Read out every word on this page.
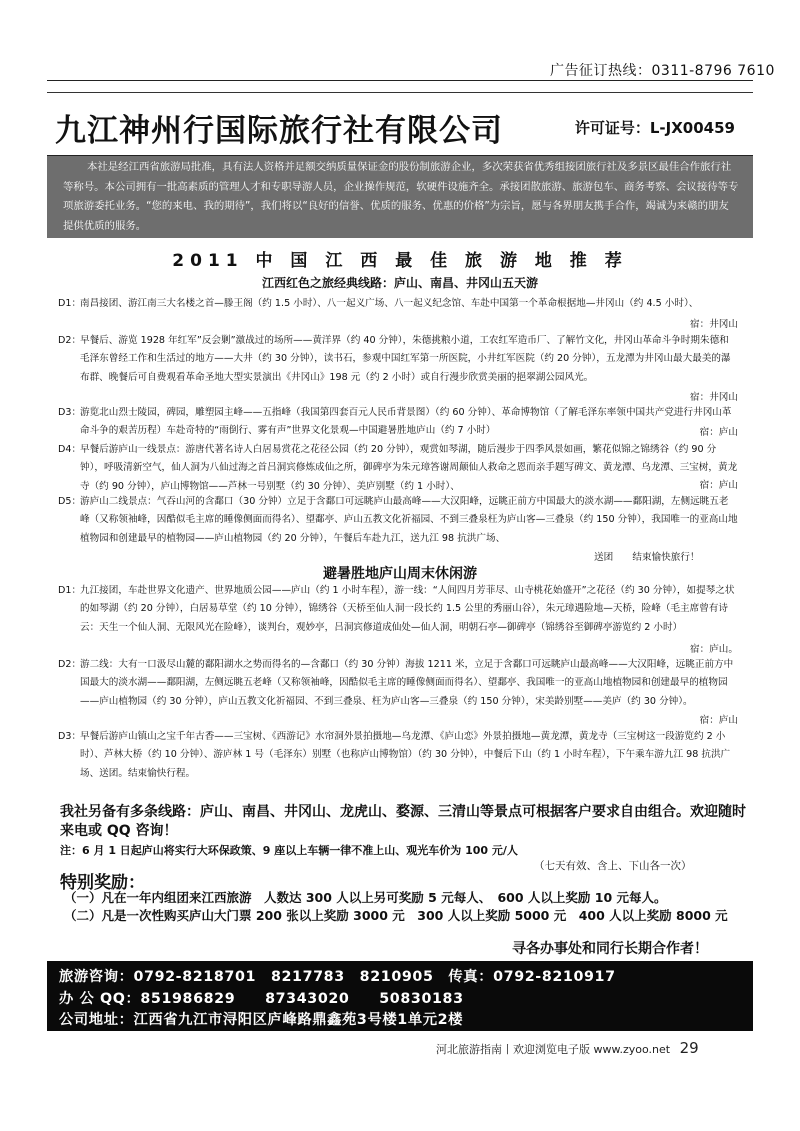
广告征订热线：0311-8796 7610
九江神州行国际旅行社有限公司	许可证号：L-JX00459
本社是经江西省旅游局批准，具有法人资格并足额交纳质量保证金的股份制旅游企业，多次荣获省优秀组接团旅行社及多景区最佳合作旅行社等称号。本公司拥有一批高素质的管理人才和专职导游人员，企业操作规范，软硬件设施齐全。承接团散旅游、旅游包车、商务考察、会议接待等专项旅游委托业务。“您的来电、我的期待”，我们将以“良好的信誉、优质的服务、优惠的价格”为宗旨，愿与各界朋友携手合作，竭诚为来赣的朋友提供优质的服务。
2011 中 国 江 西 最 佳 旅 游 地 推 荐
江西红色之旅经典线路：庐山、南昌、井冈山五天游
D1：
南昌接团、游江南三大名楼之首—滕王阁（约 1.5 小时）、八一起义广场、八一起义纪念馆、车赴中国第一个革命根据地—井冈山（约 4.5 小时）、
宿：井冈山
D2：
早餐后、游览 1928 年红军”反会剿”激战过的场所——黄洋界（约 40 分钟），朱德挑粮小道，工农红军造币厂、了解竹文化，井冈山革命斗争时期朱德和毛泽东曾经工作和生活过的地方——大井（约 30 分钟），读书石，参观中国红军第一所医院，小井红军医院（约 20 分钟），五龙潭为井冈山最大最美的瀑布群、晚餐后可自费观看革命圣地大型实景演出《井冈山》198 元（约 2 小时）或自行漫步欣赏美丽的挹翠湖公园风光。
宿：井冈山
D3：
游览北山烈士陵园，碑园，雕塑园主峰——五指峰（我国第四套百元人民币背景图）（约 60 分钟）、革命博物馆（了解毛泽东率领中国共产党进行井冈山革命斗争的艰苦历程）车赴奇特的“雨倒行、雾有声”世界文化景观—中国避暑胜地庐山（约 7 小时）	宿：庐山
D4：
早餐后游庐山一线景点：游唐代著名诗人白居易赏花之花径公园（约 20 分钟），观赏如琴湖，随后漫步于四季风景如画，繁花似锦之锦绣谷（约 90 分钟），呼吸清新空气，仙人洞为八仙过海之首吕洞宾修炼成仙之所，御碑亭为朱元璋答谢周颠仙人救命之恩而亲手题写碑文、黄龙潭、乌龙潭、三宝树，黄龙寺（约 90 分钟），庐山博物馆——芦林一号别墅（约 30 分钟）、美庐别墅（约 1 小时）、	宿：庐山
D5：
游庐山二线景点：气吞山河的含鄱口（30 分钟）立足于含鄱口可远眺庐山最高峰——大汉阳峰，远眺正前方中国最大的淡水湖——鄱阳湖，左侧远眺五老峰（又称领袖峰，因酷似毛主席的睡像侧面而得名）、望鄱亭、庐山五教文化祈福园、不到三叠泉枉为庐山客—三叠泉（约 150 分钟），我国唯一的亚高山地植物园和创建最早的植物园——庐山植物园（约 20 分钟），午餐后车赴九江，送九江 98 抗洪广场、
送团　　结束愉快旅行！
避暑胜地庐山周末休闲游
D1：
九江接团，车赴世界文化遗产、世界地质公园——庐山（约 1 小时车程），游一线：“人间四月芳菲尽、山寺桃花始盛开”之花径（约 30 分钟），如提琴之状的如琴湖（约 20 分钟），白居易草堂（约 10 分钟），锦绣谷（天桥至仙人洞一段长约 1.5 公里的秀丽山谷），朱元璋遇险地—天桥，险峰（毛主席曾有诗云：天生一个仙人洞、无限风光在险峰），谈判台，观妙亭，吕洞宾修道成仙处—仙人洞，明朝石亭—御碑亭（锦绣谷至御碑亭游览约 2 小时）
宿：庐山。
D2：
游二线：大有一口汲尽山麓的鄱阳湖水之势而得名的—含鄱口（约 30 分钟）海拔 1211 米，立足于含鄱口可远眺庐山最高峰——大汉阳峰，远眺正前方中国最大的淡水湖——鄱阳湖，左侧远眺五老峰（又称领袖峰，因酷似毛主席的睡像侧面而得名）、望鄱亭、我国唯一的亚高山地植物园和创建最早的植物园——庐山植物园（约 30 分钟），庐山五教文化祈福园、不到三叠泉、枉为庐山客—三叠泉（约 150 分钟），宋美龄别墅——美庐（约 30 分钟）。
宿：庐山
D3：
早餐后游庐山镇山之宝千年古香——三宝树、《西游记》水帘洞外景拍摄地—乌龙潭、《庐山恋》外景拍摄地—黄龙潭，黄龙寺（三宝树这一段游览约 2 小时）、芦林大桥（约 10 分钟）、游庐林 1 号（毛泽东）别墅（也称庐山博物馆）（约 30 分钟），中餐后下山（约 1 小时车程），下午乘车游九江 98 抗洪广场、送团。结束愉快行程。
我社另备有多条线路：庐山、南昌、井冈山、龙虎山、婺源、三清山等景点可根据客户要求自由组合。欢迎随时来电或 QQ 咨询！
注：6 月 1 日起庐山将实行大环保政策、9 座以上车辆一律不准上山、观光车价为 100 元/人
（七天有效、含上、下山各一次）
特别奖励：
（一）凡在一年内组团来江西旅游　人数达 300 人以上另可奖励 5 元每人、　600 人以上奖励 10 元每人。
（二）凡是一次性购买庐山大门票 200 张以上奖励 3000 元　300 人以上奖励 5000 元　400 人以上奖励 8000 元
寻各办事处和同行长期合作者！
旅游咨询：0792-8218701　8217783　8210905　传真：0792-8210917
办 公 QQ：851986829　　87343020　　50830183
公司地址：江西省九江市浔阳区庐峰路鼎鑫苑3号楼1单元2楼
河北旅游指南丨欢迎浏览电子版 www.zyoo.net 29
